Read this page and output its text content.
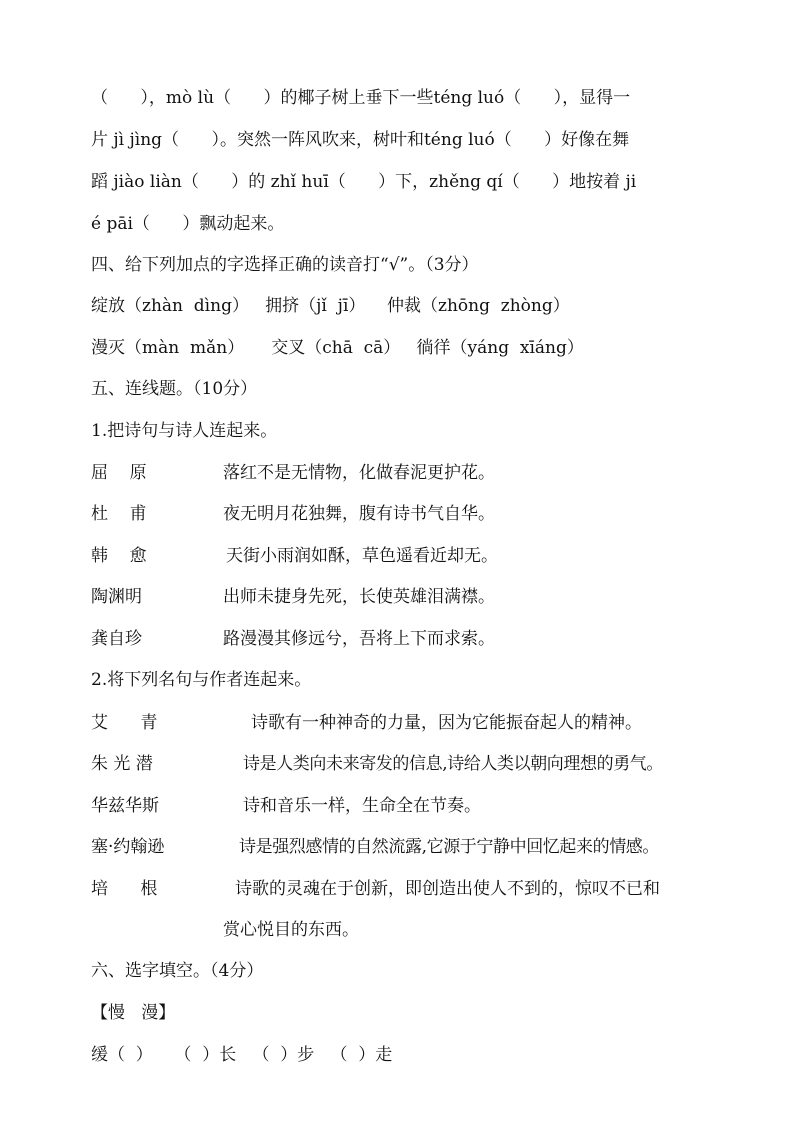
（      ），mò lù（      ）的椰子树上垂下一些téng luó（      ），显得一
片 jì jìng（      ）。突然一阵风吹来，树叶和téng luó（      ）好像在舞
蹈 jiào liàn（      ）的 zhǐ huī（      ）下，zhěng qí（      ）地按着 ji
é pāi（      ）飘动起来。
四、给下列加点的字选择正确的读音打“√”。（3分）
绽放（zhàn  dìng）   拥挤（jǐ  jī）    仲裁（zhōng  zhòng）
漫灭（màn  mǎn）     交叉（chā  cā）   徜徉（yáng  xīáng）
五、连线题。（10分）
1.把诗句与诗人连起来。
屈    原	落红不是无情物，化做春泥更护花。
杜    甫	夜无明月花独舞，腹有诗书气自华。
韩    愈	天街小雨润如酥，草色遥看近却无。
陶渊明	出师未捷身先死，长使英雄泪满襟。
龚自珍	路漫漫其修远兮，吾将上下而求索。
2.将下列名句与作者连起来。
艾      青	诗歌有一种神奇的力量，因为它能振奋起人的精神。
朱 光 潜	诗是人类向未来寄发的信息,诗给人类以朝向理想的勇气。
华兹华斯	诗和音乐一样，生命全在节奏。
塞·约翰逊	诗是强烈感情的自然流露,它源于宁静中回忆起来的情感。
培      根	诗歌的灵魂在于创新，即创造出使人不到的，惊叹不已和
赏心悦目的东西。
六、选字填空。（4分）
【慢   漫】
缓（  ）    （  ）长   （  ）步   （  ）走
